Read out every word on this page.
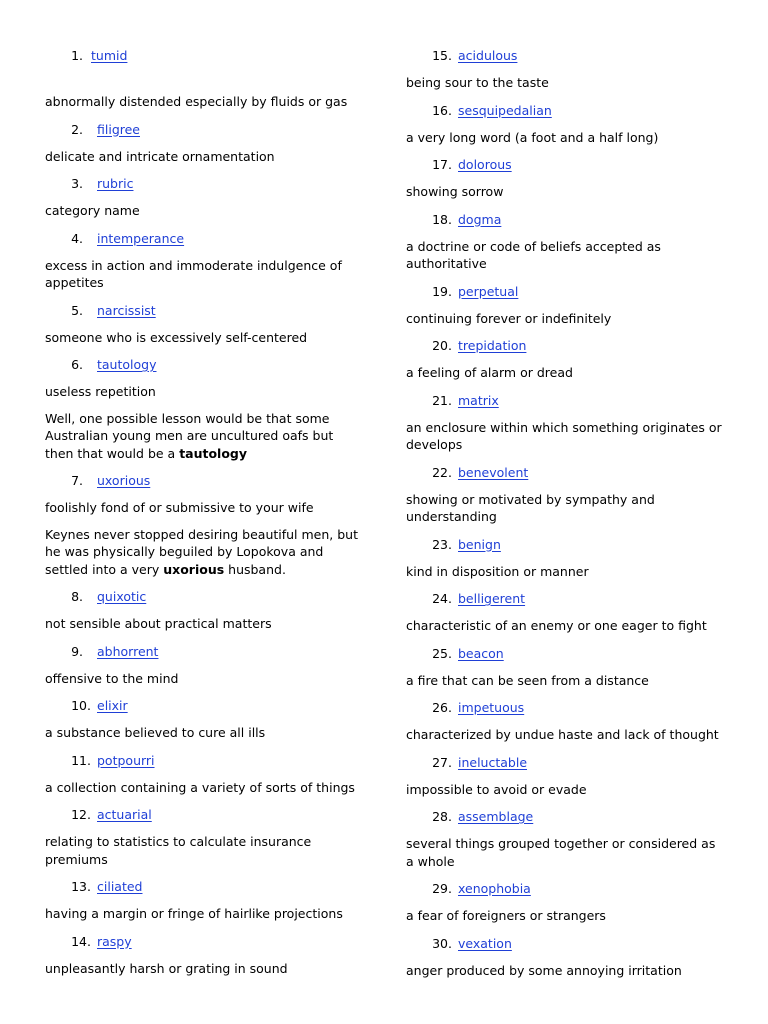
1. tumid

abnormally distended especially by fluids or gas

2. filigree

delicate and intricate ornamentation

3. rubric

category name

4. intemperance

excess in action and immoderate indulgence of appetites

5. narcissist

someone who is excessively self-centered

6. tautology

useless repetition

Well, one possible lesson would be that some Australian young men are uncultured oafs but then that would be a tautology

7. uxorious

foolishly fond of or submissive to your wife

Keynes never stopped desiring beautiful men, but he was physically beguiled by Lopokova and settled into a very uxorious husband.

8. quixotic

not sensible about practical matters

9. abhorrent

offensive to the mind

10. elixir

a substance believed to cure all ills

11. potpourri

a collection containing a variety of sorts of things

12. actuarial

relating to statistics to calculate insurance premiums

13. ciliated

having a margin or fringe of hairlike projections

14. raspy

unpleasantly harsh or grating in sound

15. acidulous

being sour to the taste

16. sesquipedalian

a very long word (a foot and a half long)

17. dolorous

showing sorrow

18. dogma

a doctrine or code of beliefs accepted as authoritative

19. perpetual

continuing forever or indefinitely

20. trepidation

a feeling of alarm or dread

21. matrix

an enclosure within which something originates or develops

22. benevolent

showing or motivated by sympathy and understanding

23. benign

kind in disposition or manner

24. belligerent

characteristic of an enemy or one eager to fight

25. beacon

a fire that can be seen from a distance

26. impetuous

characterized by undue haste and lack of thought

27. ineluctable

impossible to avoid or evade

28. assemblage

several things grouped together or considered as a whole

29. xenophobia

a fear of foreigners or strangers

30. vexation

anger produced by some annoying irritation
